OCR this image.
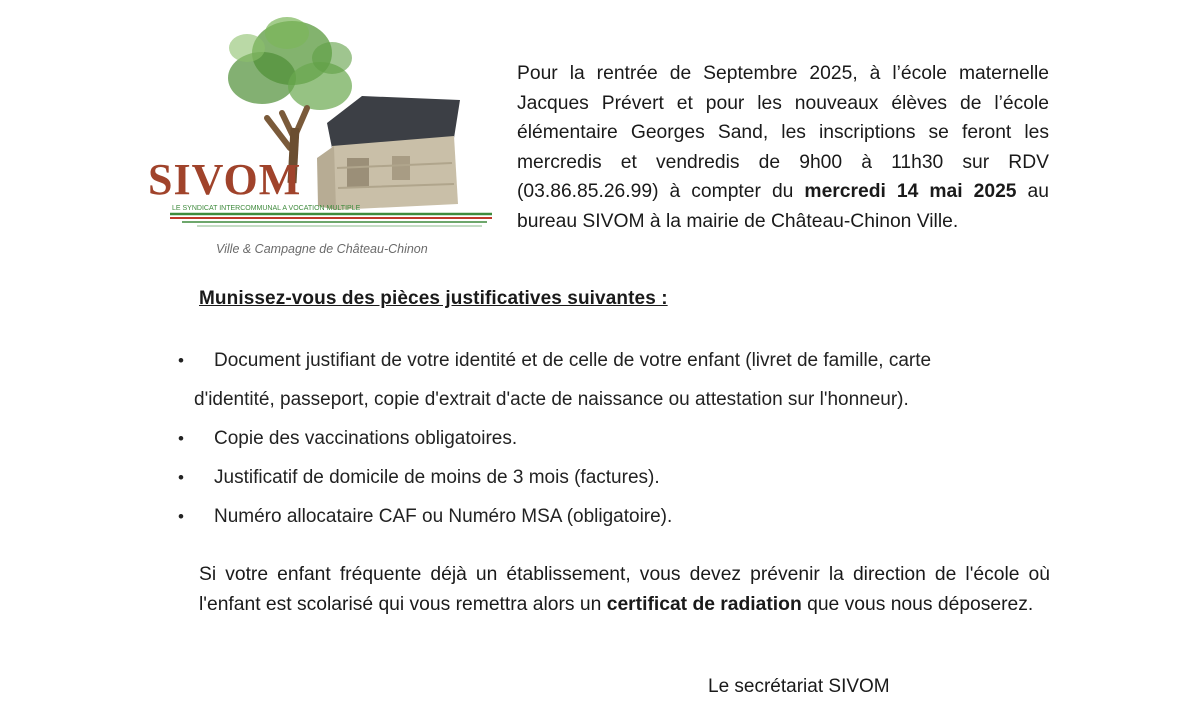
SIVOM
LE SYNDICAT INTERCOMMUNAL A VOCATION MULTIPLE
Ville & Campagne de Château-Chinon
Pour la rentrée de Septembre 2025, à l’école maternelle Jacques Prévert et pour les nouveaux élèves de l’école élémentaire Georges Sand, les inscriptions se feront les mercredis et vendredis de 9h00 à 11h30 sur RDV (03.86.85.26.99) à compter du mercredi 14 mai 2025 au bureau SIVOM à la mairie de Château-Chinon Ville.
Munissez-vous des pièces justificatives suivantes :
• Document justifiant de votre identité et de celle de votre enfant (livret de famille, carte
d'identité, passeport, copie d'extrait d'acte de naissance ou attestation sur l'honneur).
• Copie des vaccinations obligatoires.
• Justificatif de domicile de moins de 3 mois (factures).
• Numéro allocataire CAF ou Numéro MSA (obligatoire).
Si votre enfant fréquente déjà un établissement, vous devez prévenir la direction de l'école où l'enfant est scolarisé qui vous remettra alors un certificat de radiation que vous nous déposerez.
Le secrétariat SIVOM
